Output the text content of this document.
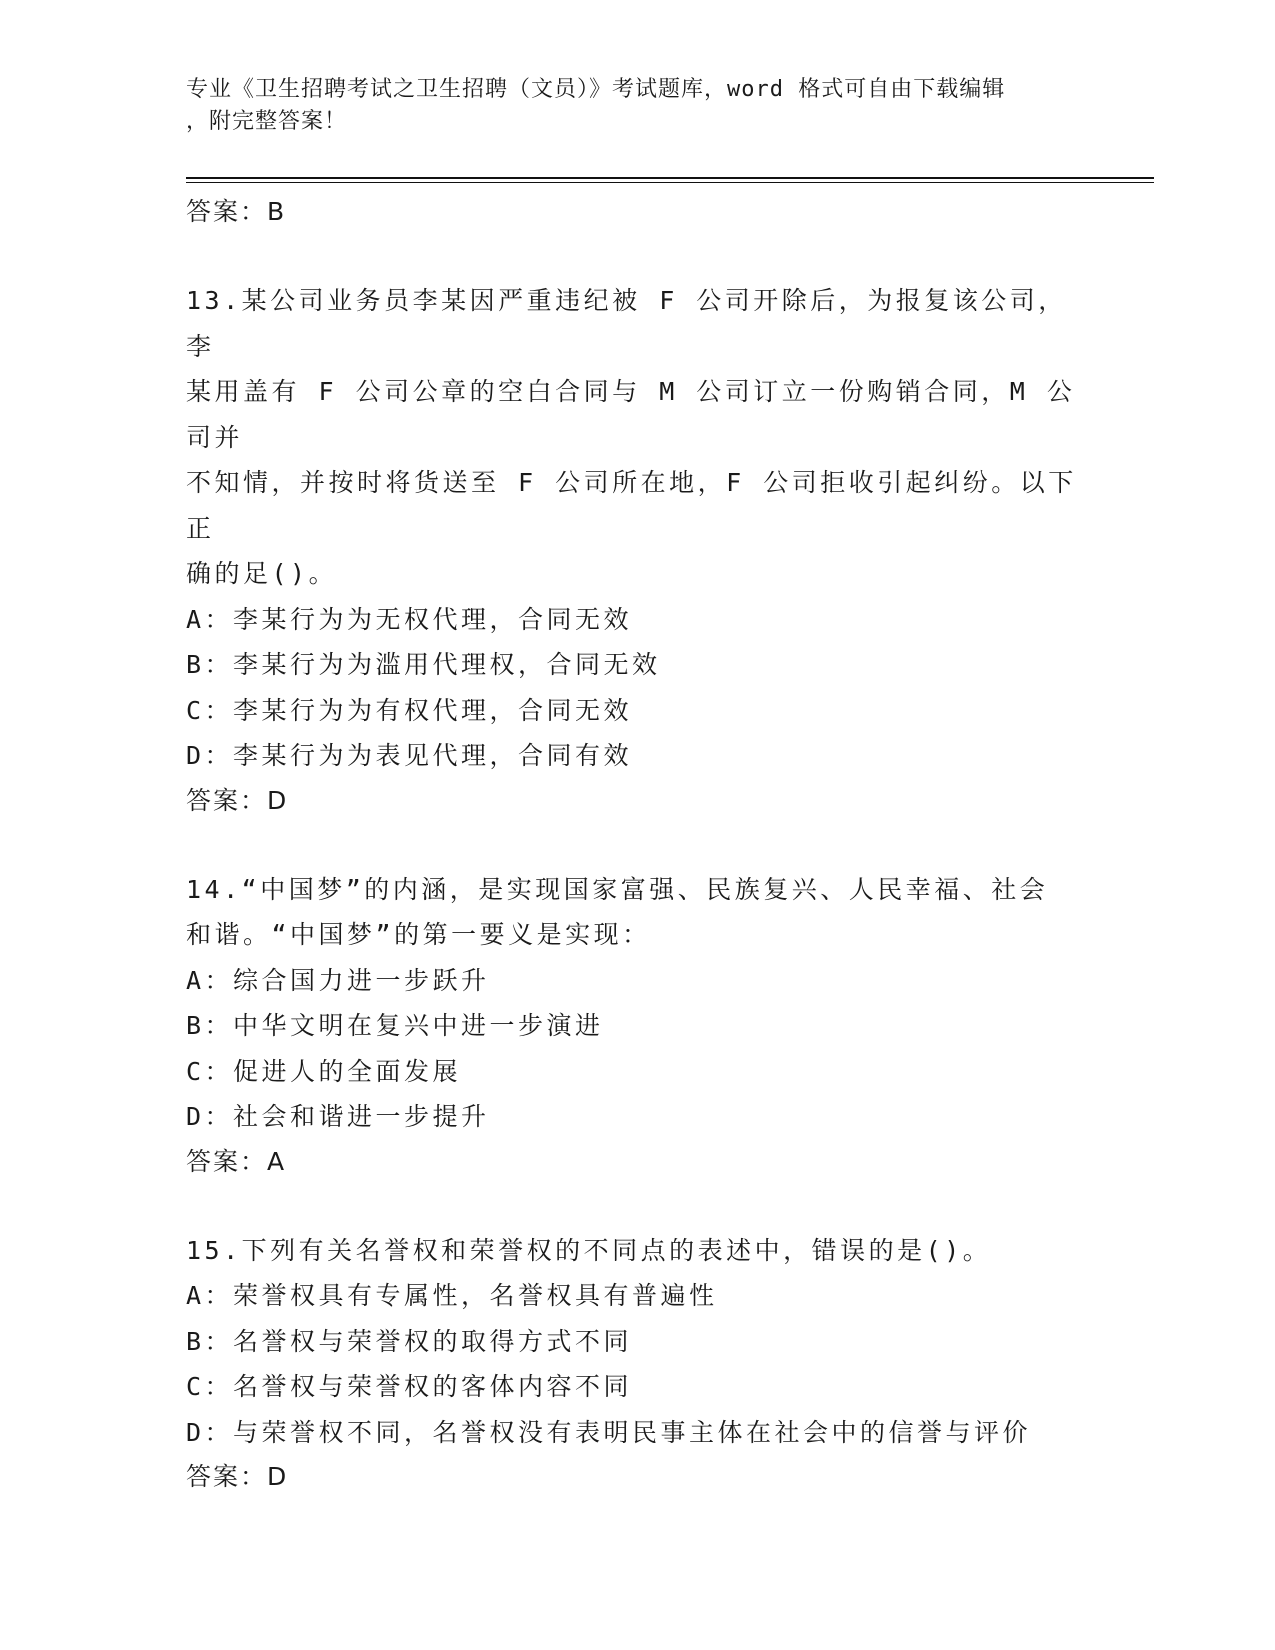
专业《卫生招聘考试之卫生招聘（文员）》考试题库，word 格式可自由下载编辑
，附完整答案！

答案：B

13.某公司业务员李某因严重违纪被 F 公司开除后，为报复该公司，李

某用盖有 F 公司公章的空白合同与 M 公司订立一份购销合同，M 公司并

不知情，并按时将货送至 F 公司所在地，F 公司拒收引起纠纷。以下正

确的足()。

A：李某行为为无权代理，合同无效

B：李某行为为滥用代理权，合同无效

C：李某行为为有权代理，合同无效

D：李某行为为表见代理，合同有效

答案：D

14.“中国梦”的内涵，是实现国家富强、民族复兴、人民幸福、社会

和谐。“中国梦”的第一要义是实现：

A：综合国力进一步跃升

B：中华文明在复兴中进一步演进

C：促进人的全面发展

D：社会和谐进一步提升

答案：A

15.下列有关名誉权和荣誉权的不同点的表述中，错误的是()。

A：荣誉权具有专属性，名誉权具有普遍性

B：名誉权与荣誉权的取得方式不同

C：名誉权与荣誉权的客体内容不同

D：与荣誉权不同，名誉权没有表明民事主体在社会中的信誉与评价

答案：D
